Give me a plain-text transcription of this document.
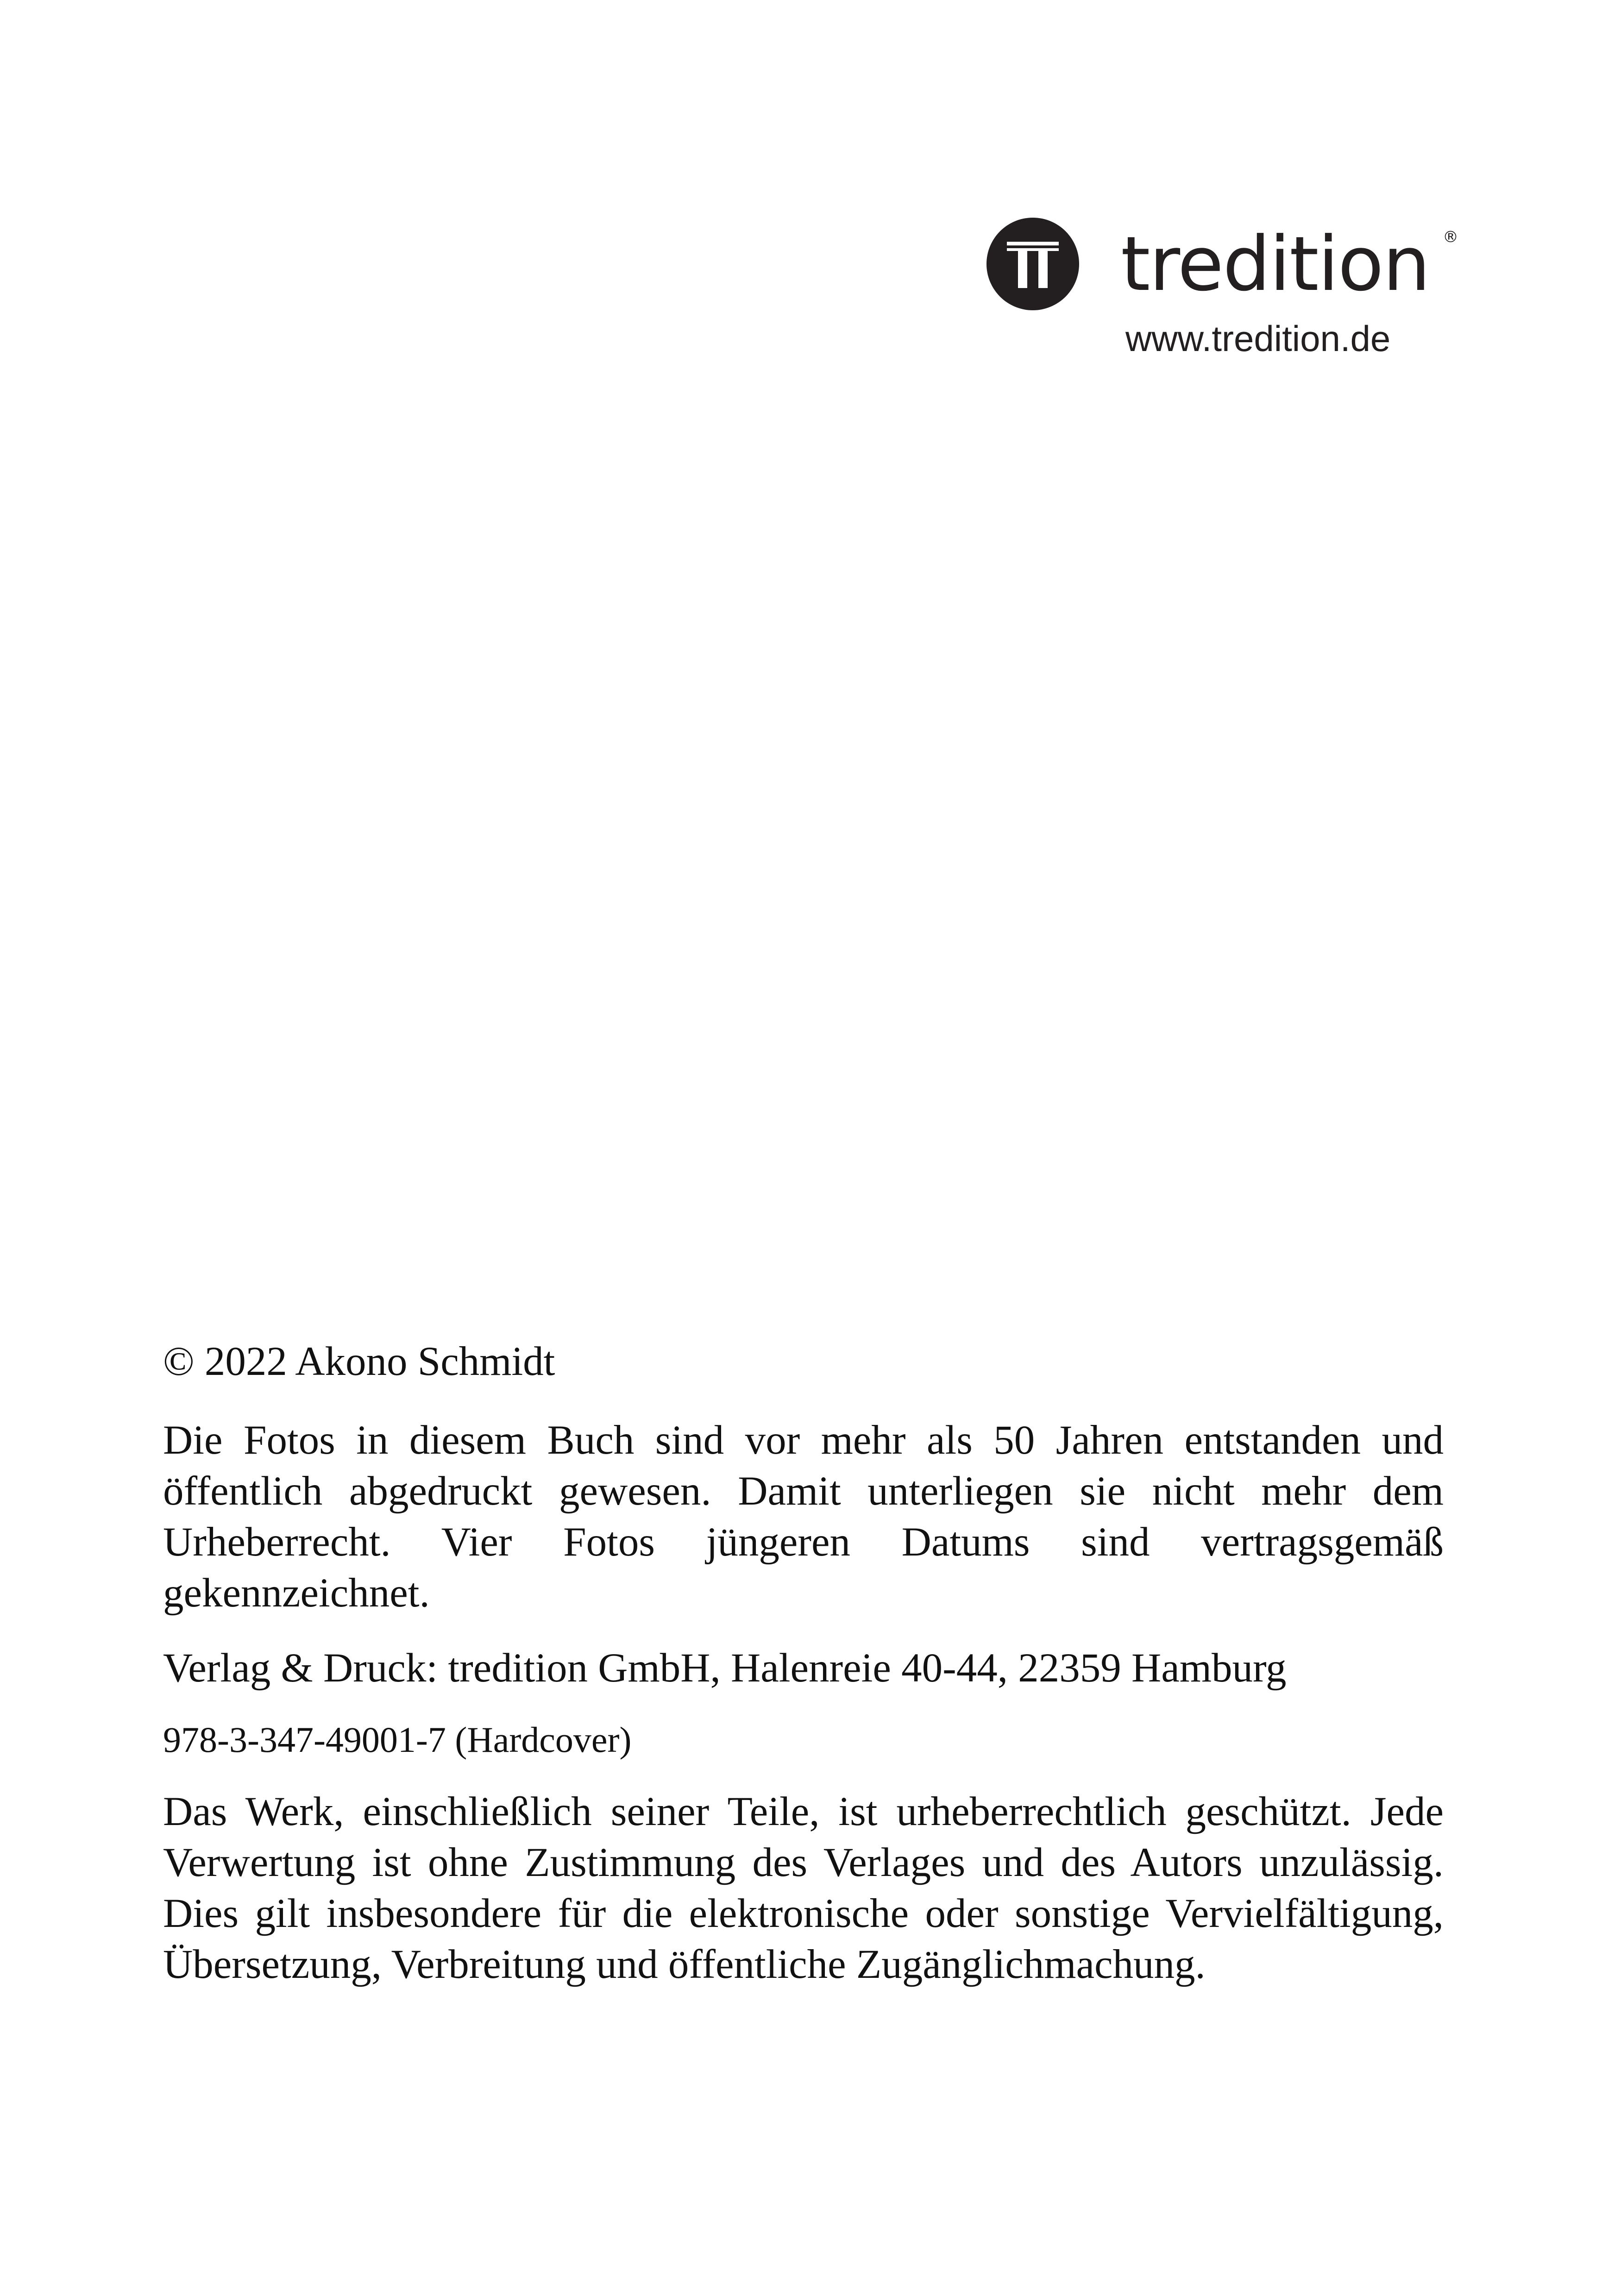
tredition ®
www.tredition.de

© 2022 Akono Schmidt

Die Fotos in diesem Buch sind vor mehr als 50 Jahren entstanden und öffentlich abgedruckt gewesen. Damit unterliegen sie nicht mehr dem Urheberrecht. Vier Fotos jüngeren Datums sind vertragsgemäß gekennzeichnet.

Verlag & Druck: tredition GmbH, Halenreie 40-44, 22359 Hamburg

978-3-347-49001-7 (Hardcover)

Das Werk, einschließlich seiner Teile, ist urheberrechtlich geschützt. Jede Verwertung ist ohne Zustimmung des Verlages und des Autors unzulässig. Dies gilt insbesondere für die elektronische oder sonstige Vervielfältigung, Übersetzung, Verbreitung und öffentliche Zugänglichmachung.
